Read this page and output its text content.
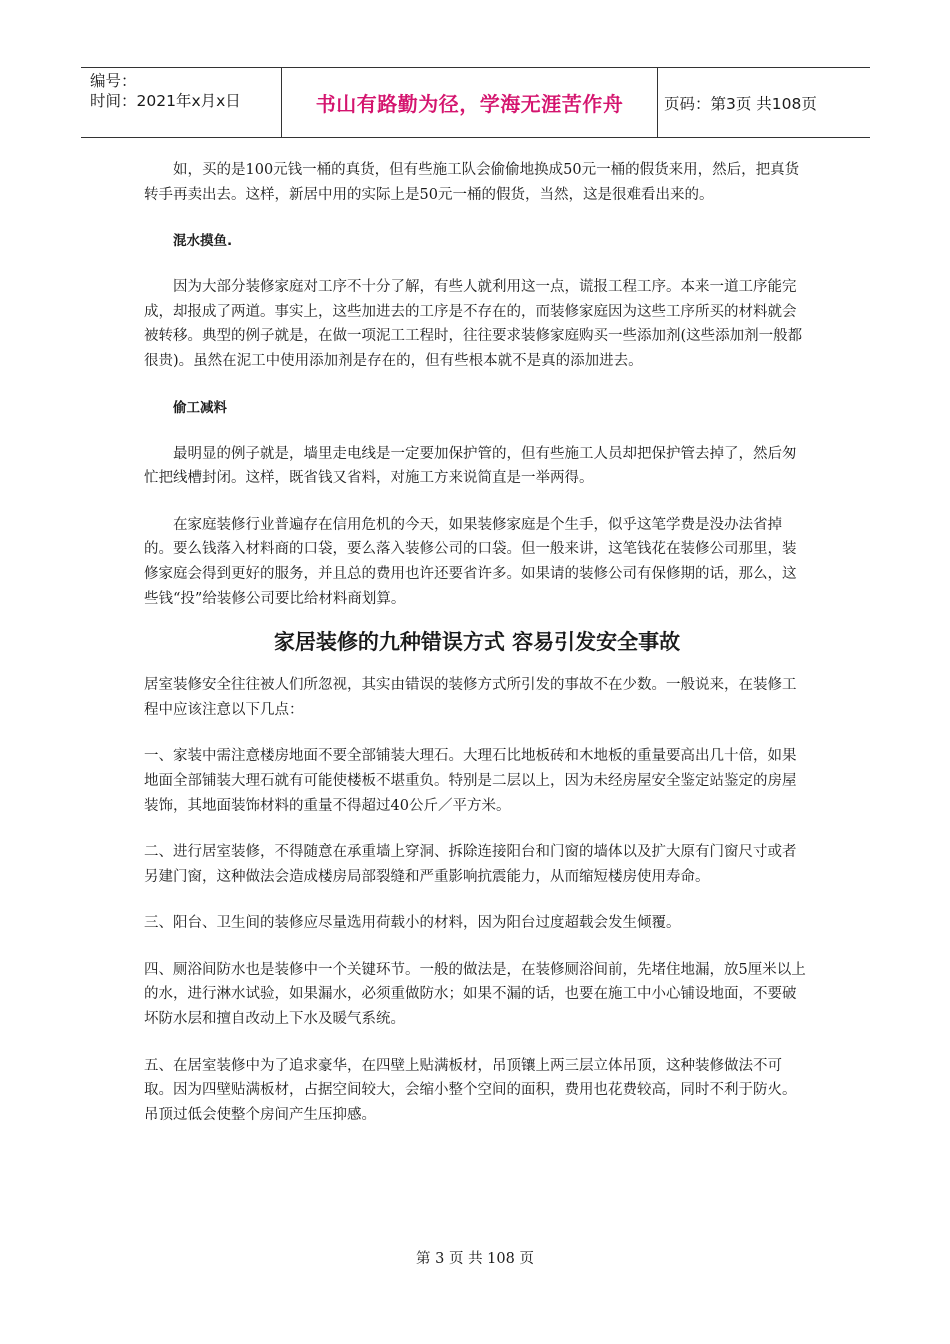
编号：
时间：2021年x月x日	书山有路勤为径，学海无涯苦作舟	页码：第3页 共108页

如，买的是100元钱一桶的真货，但有些施工队会偷偷地换成50元一桶的假货来用，然后，把真货转手再卖出去。这样，新居中用的实际上是50元一桶的假货，当然，这是很难看出来的。

混水摸鱼.

因为大部分装修家庭对工序不十分了解，有些人就利用这一点，谎报工程工序。本来一道工序能完成，却报成了两道。事实上，这些加进去的工序是不存在的，而装修家庭因为这些工序所买的材料就会被转移。典型的例子就是，在做一项泥工工程时，往往要求装修家庭购买一些添加剂(这些添加剂一般都很贵)。虽然在泥工中使用添加剂是存在的，但有些根本就不是真的添加进去。

偷工减料

最明显的例子就是，墙里走电线是一定要加保护管的，但有些施工人员却把保护管去掉了，然后匆忙把线槽封闭。这样，既省钱又省料，对施工方来说简直是一举两得。

在家庭装修行业普遍存在信用危机的今天，如果装修家庭是个生手，似乎这笔学费是没办法省掉的。要么钱落入材料商的口袋，要么落入装修公司的口袋。但一般来讲，这笔钱花在装修公司那里，装修家庭会得到更好的服务，并且总的费用也许还要省许多。如果请的装修公司有保修期的话，那么，这些钱“投”给装修公司要比给材料商划算。

家居装修的九种错误方式 容易引发安全事故

居室装修安全往往被人们所忽视，其实由错误的装修方式所引发的事故不在少数。一般说来，在装修工程中应该注意以下几点：

一、家装中需注意楼房地面不要全部铺装大理石。大理石比地板砖和木地板的重量要高出几十倍，如果地面全部铺装大理石就有可能使楼板不堪重负。特别是二层以上，因为未经房屋安全鉴定站鉴定的房屋装饰，其地面装饰材料的重量不得超过40公斤／平方米。

二、进行居室装修，不得随意在承重墙上穿洞、拆除连接阳台和门窗的墙体以及扩大原有门窗尺寸或者另建门窗，这种做法会造成楼房局部裂缝和严重影响抗震能力，从而缩短楼房使用寿命。

三、阳台、卫生间的装修应尽量选用荷载小的材料，因为阳台过度超载会发生倾覆。

四、厕浴间防水也是装修中一个关键环节。一般的做法是，在装修厕浴间前，先堵住地漏，放5厘米以上的水，进行淋水试验，如果漏水，必须重做防水；如果不漏的话，也要在施工中小心铺设地面，不要破坏防水层和擅自改动上下水及暖气系统。

五、在居室装修中为了追求豪华，在四壁上贴满板材，吊顶镶上两三层立体吊顶，这种装修做法不可取。因为四壁贴满板材，占据空间较大，会缩小整个空间的面积，费用也花费较高，同时不利于防火。吊顶过低会使整个房间产生压抑感。

第 3 页 共 108 页
